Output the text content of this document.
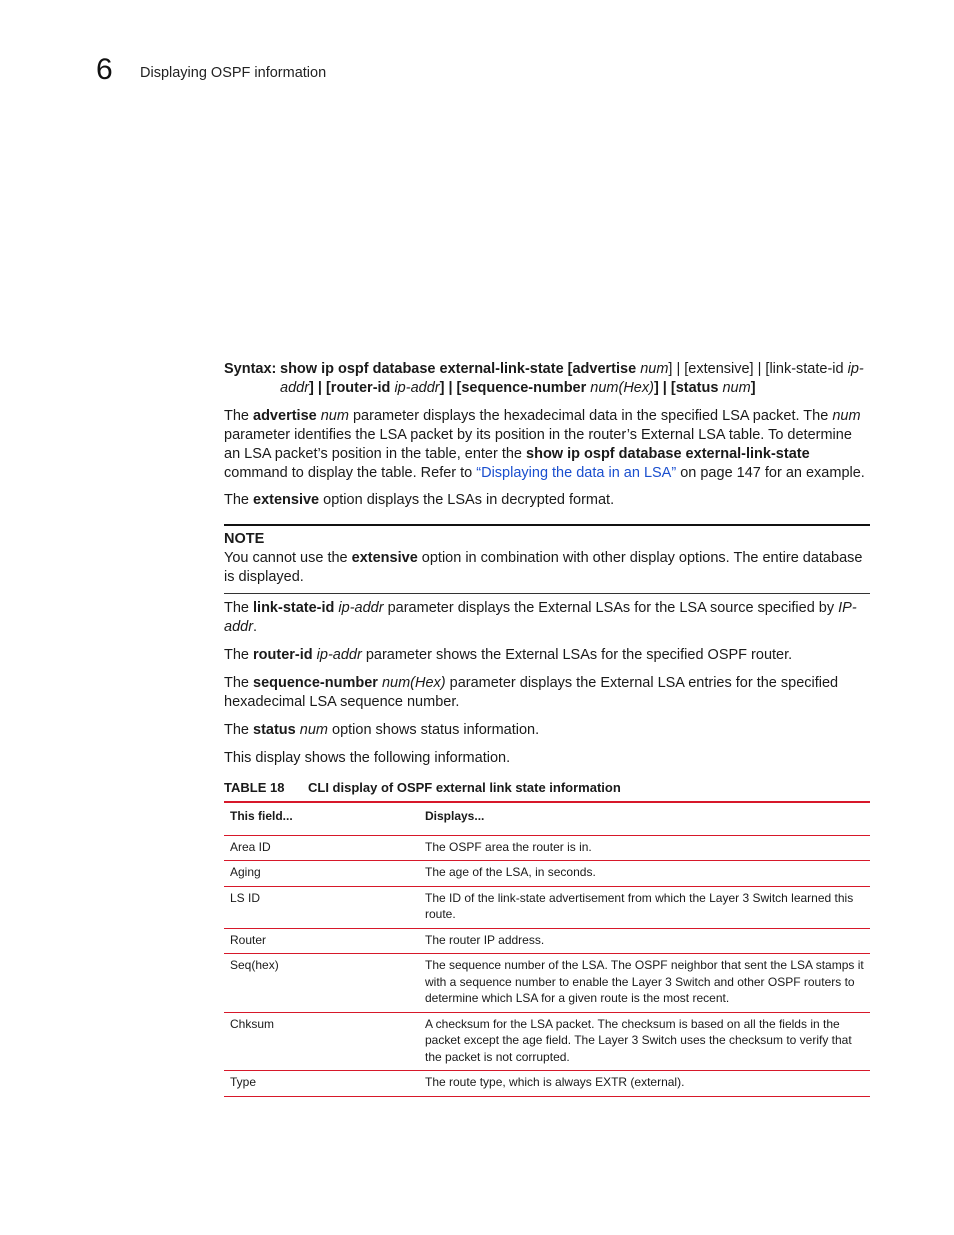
6 Displaying OSPF information
Syntax: show ip ospf database external-link-state [advertise num] | [extensive] | [link-state-id ip-addr] | [router-id ip-addr] | [sequence-number num(Hex)] | [status num]

The advertise num parameter displays the hexadecimal data in the specified LSA packet. The num parameter identifies the LSA packet by its position in the router’s External LSA table. To determine an LSA packet’s position in the table, enter the show ip ospf database external-link-state command to display the table. Refer to “Displaying the data in an LSA” on page 147 for an example.

The extensive option displays the LSAs in decrypted format.

NOTE

You cannot use the extensive option in combination with other display options. The entire database is displayed.

The link-state-id ip-addr parameter displays the External LSAs for the LSA source specified by IP-addr.

The router-id ip-addr parameter shows the External LSAs for the specified OSPF router.

The sequence-number num(Hex) parameter displays the External LSA entries for the specified hexadecimal LSA sequence number.

The status num option shows status information.

This display shows the following information.

TABLE 18 CLI display of OSPF external link state information
This field...	Displays...
Area ID	The OSPF area the router is in.
Aging	The age of the LSA, in seconds.
LS ID	The ID of the link-state advertisement from which the Layer 3 Switch learned this route.
Router	The router IP address.
Seq(hex)	The sequence number of the LSA. The OSPF neighbor that sent the LSA stamps it with a sequence number to enable the Layer 3 Switch and other OSPF routers to determine which LSA for a given route is the most recent.
Chksum	A checksum for the LSA packet. The checksum is based on all the fields in the packet except the age field. The Layer 3 Switch uses the checksum to verify that the packet is not corrupted.
Type	The route type, which is always EXTR (external).
